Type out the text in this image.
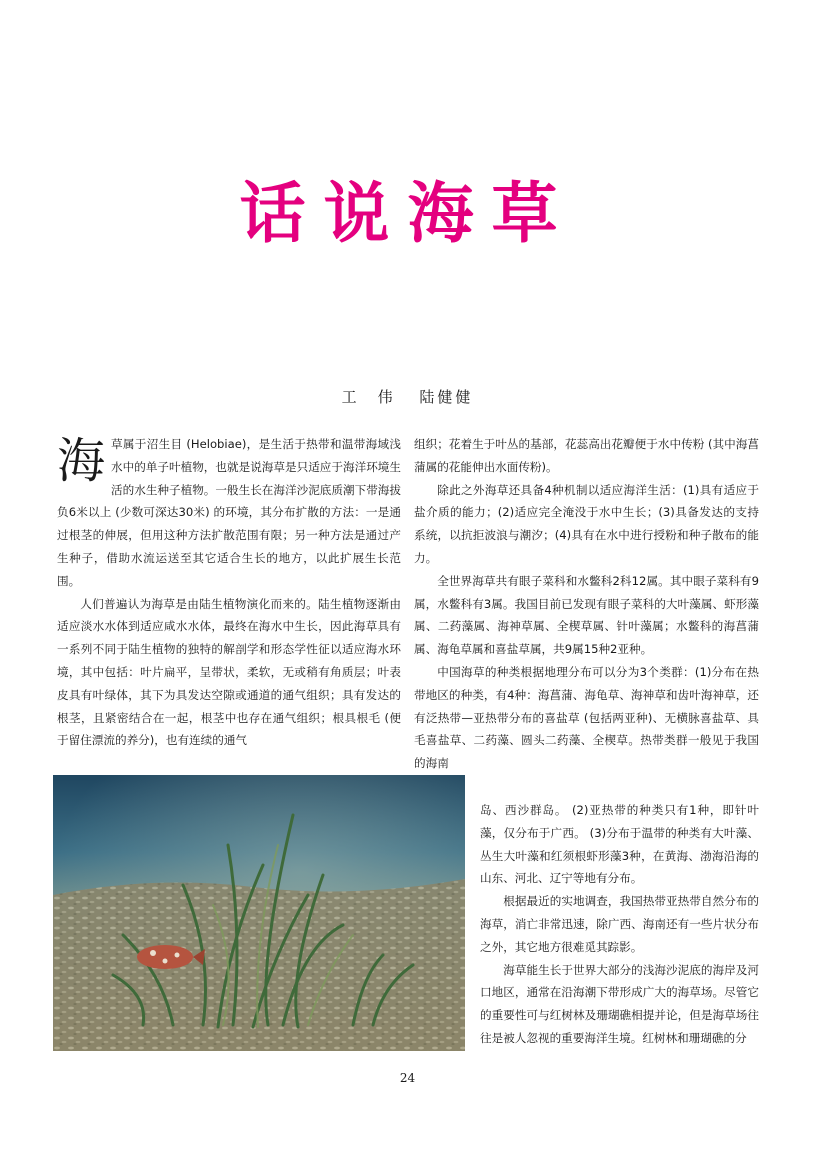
话说海草
工　伟 陆健健

海草属于沼生目 (Helobiae)，是生活于热带和温带海域浅水中的单子叶植物，也就是说海草是只适应于海洋环境生活的水生种子植物。一般生长在海洋沙泥底质潮下带海拔负6米以上 (少数可深达30米) 的环境，其分布扩散的方法：一是通过根茎的伸展，但用这种方法扩散范围有限；另一种方法是通过产生种子，借助水流运送至其它适合生长的地方，以此扩展生长范围。

人们普遍认为海草是由陆生植物演化而来的。陆生植物逐渐由适应淡水水体到适应咸水水体，最终在海水中生长，因此海草具有一系列不同于陆生植物的独特的解剖学和形态学性征以适应海水环境，其中包括：叶片扁平，呈带状，柔软，无或稍有角质层；叶表皮具有叶绿体，其下为具发达空隙或通道的通气组织；具有发达的根茎，且紧密结合在一起，根茎中也存在通气组织；根具根毛 (便于留住漂流的养分)，也有连续的通气

组织；花着生于叶丛的基部，花蕊高出花瓣便于水中传粉 (其中海菖蒲属的花能伸出水面传粉)。

除此之外海草还具备4种机制以适应海洋生活：(1)具有适应于盐介质的能力；(2)适应完全淹没于水中生长；(3)具备发达的支持系统，以抗拒波浪与潮汐；(4)具有在水中进行授粉和种子散布的能力。

全世界海草共有眼子菜科和水鳖科2科12属。其中眼子菜科有9属，水鳖科有3属。我国目前已发现有眼子菜科的大叶藻属、虾形藻属、二药藻属、海神草属、全楔草属、针叶藻属；水鳖科的海菖蒲属、海龟草属和喜盐草属，共9属15种2亚种。

中国海草的种类根据地理分布可以分为3个类群：(1)分布在热带地区的种类，有4种：海菖蒲、海龟草、海神草和齿叶海神草，还有泛热带—亚热带分布的喜盐草 (包括两亚种)、无横脉喜盐草、具毛喜盐草、二药藻、圆头二药藻、全楔草。热带类群一般见于我国的海南

岛、西沙群岛。 (2)亚热带的种类只有1种，即针叶藻，仅分布于广西。 (3)分布于温带的种类有大叶藻、丛生大叶藻和红须根虾形藻3种，在黄海、渤海沿海的山东、河北、辽宁等地有分布。

根据最近的实地调查，我国热带亚热带自然分布的海草，消亡非常迅速，除广西、海南还有一些片状分布之外，其它地方很难觅其踪影。

海草能生长于世界大部分的浅海沙泥底的海岸及河口地区，通常在沿海潮下带形成广大的海草场。尽管它的重要性可与红树林及珊瑚礁相提并论，但是海草场往往是被人忽视的重要海洋生境。红树林和珊瑚礁的分

24
